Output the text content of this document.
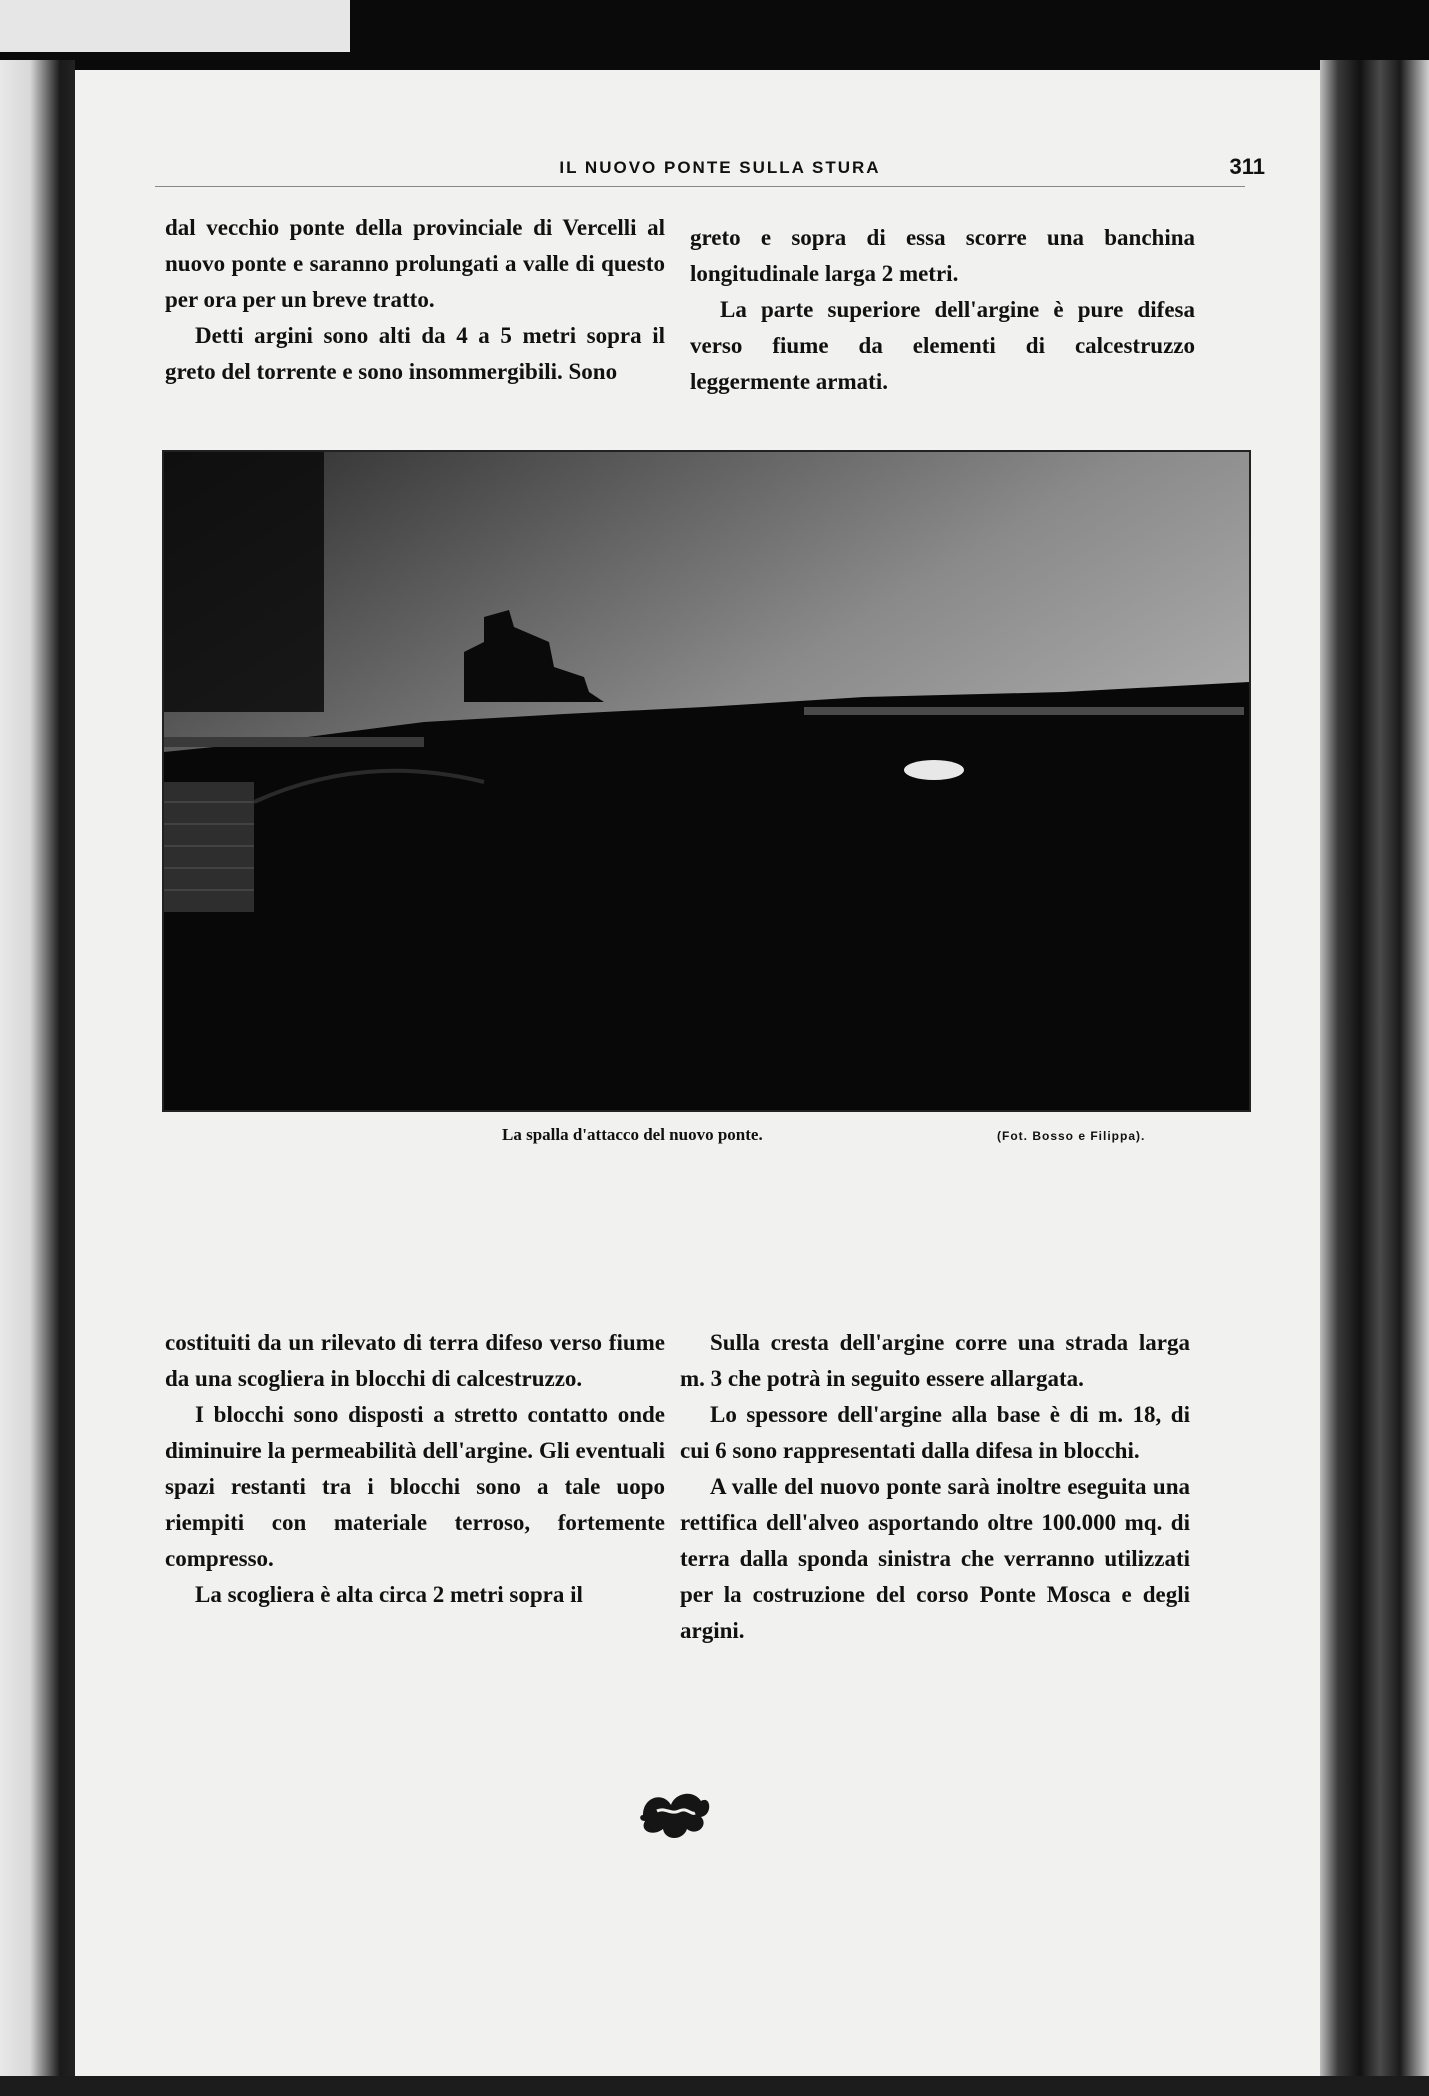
IL NUOVO PONTE SULLA STURA	311

dal vecchio ponte della provinciale di Vercelli al nuovo ponte e saranno prolungati a valle di questo per ora per un breve tratto.

Detti argini sono alti da 4 a 5 metri sopra il greto del torrente e sono insommergibili. Sono

greto e sopra di essa scorre una banchina longitudinale larga 2 metri.

La parte superiore dell'argine è pure difesa verso fiume da elementi di calcestruzzo leggermente armati.

La spalla d'attacco del nuovo ponte.	(Fot. Bosso e Filippa).

costituiti da un rilevato di terra difeso verso fiume da una scogliera in blocchi di calcestruzzo.

I blocchi sono disposti a stretto contatto onde diminuire la permeabilità dell'argine. Gli eventuali spazi restanti tra i blocchi sono a tale uopo riempiti con materiale terroso, fortemente compresso.

La scogliera è alta circa 2 metri sopra il

Sulla cresta dell'argine corre una strada larga m. 3 che potrà in seguito essere allargata.

Lo spessore dell'argine alla base è di m. 18, di cui 6 sono rappresentati dalla difesa in blocchi.

A valle del nuovo ponte sarà inoltre eseguita una rettifica dell'alveo asportando oltre 100.000 mq. di terra dalla sponda sinistra che verranno utilizzati per la costruzione del corso Ponte Mosca e degli argini.
